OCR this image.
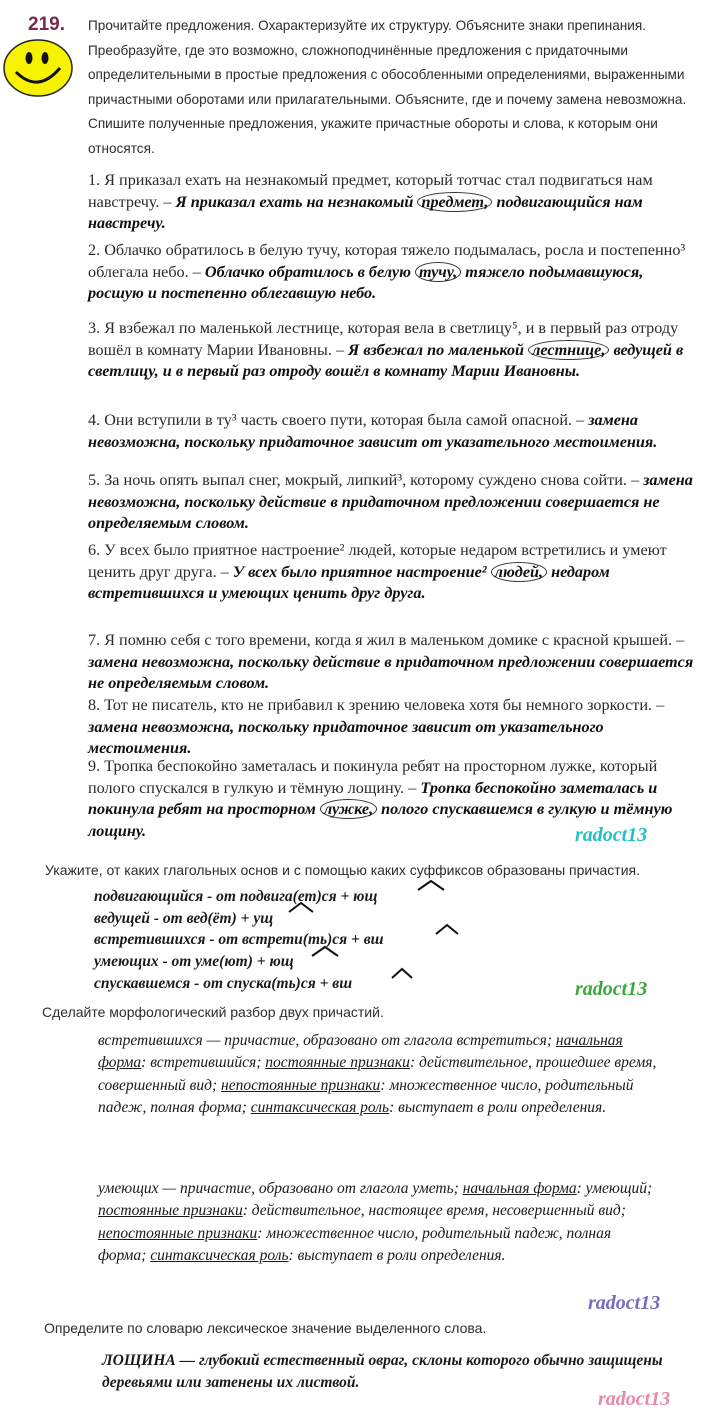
219. Прочитайте предложения. Охарактеризуйте их структуру. Объясните знаки препинания. Преобразуйте, где это возможно, сложноподчинённые предложения с придаточными определительными в простые предложения с обособленными определениями, выраженными причастными оборотами или прилагательными. Объясните, где и почему замена невозможна. Спишите полученные предложения, укажите причастные обороты и слова, к которым они относятся.
1. Я приказал ехать на незнакомый предмет, который тотчас стал подвигаться нам навстречу. – Я приказал ехать на незнакомый предмет, подвигающийся нам навстречу.
2. Облачко обратилось в белую тучу, которая тяжело подымалась, росла и постепенно³ облегала небо. – Облачко обратилось в белую тучу, тяжело подымавшуюся, росшую и постепенно облегавшую небо.
3. Я взбежал по маленькой лестнице, которая вела в светлицу⁵, и в первый раз отроду вошёл в комнату Марии Ивановны. – Я взбежал по маленькой лестнице, ведущей в светлицу, и в первый раз отроду вошёл в комнату Марии Ивановны.
4. Они вступили в ту³ часть своего пути, которая была самой опасной. – замена невозможна, поскольку придаточное зависит от указательного местоимения.
5. За ночь опять выпал снег, мокрый, липкий³, которому суждено снова сойти. – замена невозможна, поскольку действие в придаточном предложении совершается не определяемым словом.
6. У всех было приятное настроение² людей, которые недаром встретились и умеют ценить друг друга. – У всех было приятное настроение² людей, недаром встретившихся и умеющих ценить друг друга.
7. Я помню себя с того времени, когда я жил в маленьком домике с красной крышей. – замена невозможна, поскольку действие в придаточном предложении совершается не определяемым словом.
8. Тот не писатель, кто не прибавил к зрению человека хотя бы немного зоркости. – замена невозможна, поскольку придаточное зависит от указательного местоимения.
9. Тропка беспокойно заметалась и покинула ребят на просторном лужке, который полого спускался в гулкую и тёмную лощину. – Тропка беспокойно заметалась и покинула ребят на просторном лужке, полого спускавшемся в гулкую и тёмную лощину.	radoct13
Укажите, от каких глагольных основ и с помощью каких суффиксов образованы причастия.
подвигающийся - от подвига(ет)ся + ющ
ведущей - от вед(ёт) + ущ
встретившихся - от встрети(ть)ся + вш
умеющих - от уме(ют) + ющ
спускавшемся - от спуска(ть)ся + вш	radoct13
Сделайте морфологический разбор двух причастий.
встретившихся — причастие, образовано от глагола встретиться; начальная форма: встретившийся; постоянные признаки: действительное, прошедшее время, совершенный вид; непостоянные признаки: множественное число, родительный падеж, полная форма; синтаксическая роль: выступает в роли определения.
умеющих — причастие, образовано от глагола уметь; начальная форма: умеющий; постоянные признаки: действительное, настоящее время, несовершенный вид; непостоянные признаки: множественное число, родительный падеж, полная форма; синтаксическая роль: выступает в роли определения.
radoct13
Определите по словарю лексическое значение выделенного слова.
ЛОЩИНА — глубокий естественный овраг, склоны которого обычно защищены деревьями или затенены их листвой.
radoct13
